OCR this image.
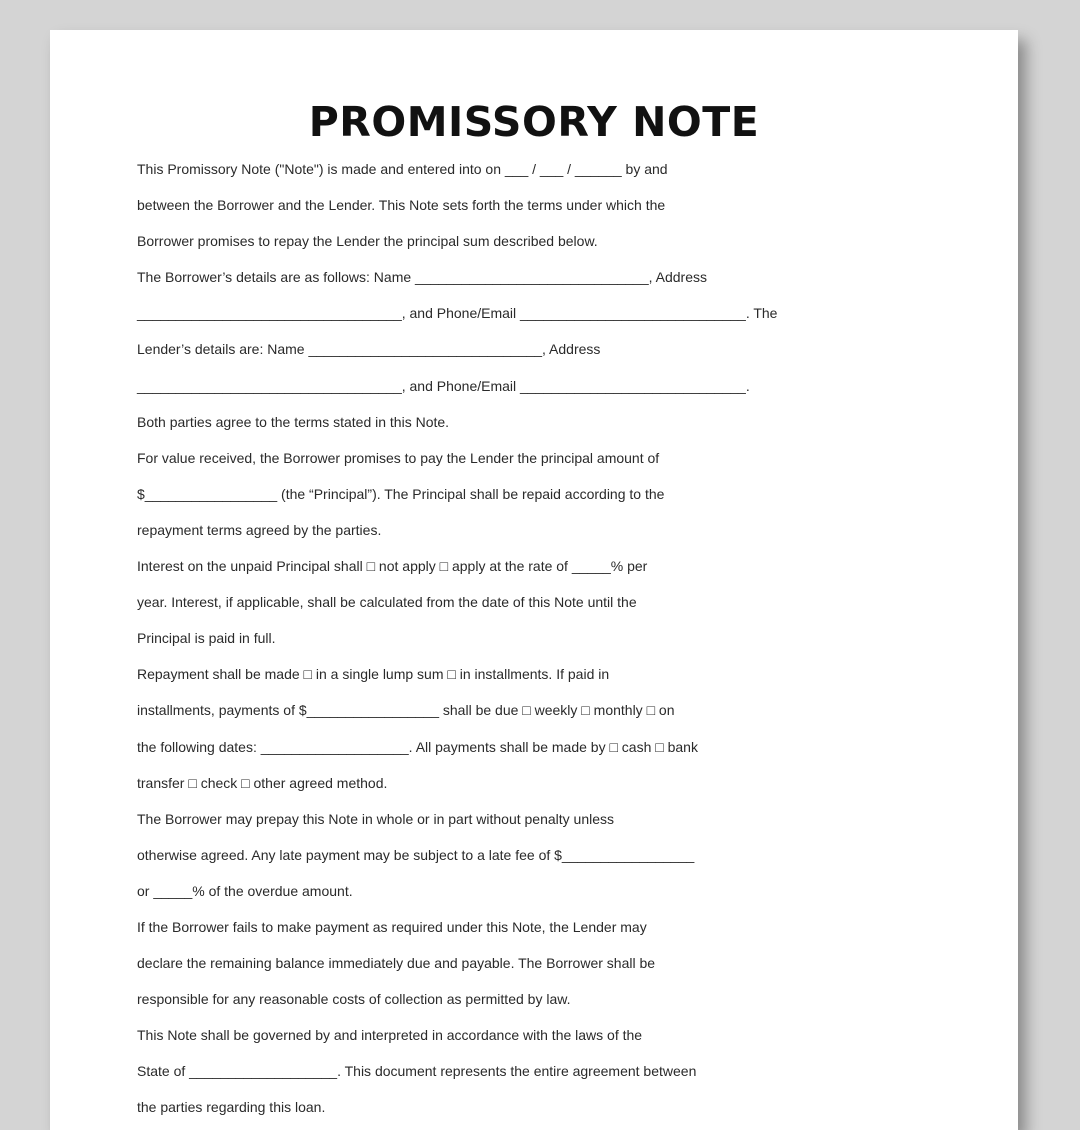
PROMISSORY NOTE
This Promissory Note ("Note") is made and entered into on ___ / ___ / ______ by and
between the Borrower and the Lender. This Note sets forth the terms under which the
Borrower promises to repay the Lender the principal sum described below.
The Borrower’s details are as follows: Name ______________________________, Address
__________________________________, and Phone/Email _____________________________. The
Lender’s details are: Name ______________________________, Address
__________________________________, and Phone/Email _____________________________.
Both parties agree to the terms stated in this Note.
For value received, the Borrower promises to pay the Lender the principal amount of
$_________________ (the “Principal”). The Principal shall be repaid according to the
repayment terms agreed by the parties.
Interest on the unpaid Principal shall □ not apply □ apply at the rate of _____% per
year. Interest, if applicable, shall be calculated from the date of this Note until the
Principal is paid in full.
Repayment shall be made □ in a single lump sum □ in installments. If paid in
installments, payments of $_________________ shall be due □ weekly □ monthly □ on
the following dates: ___________________. All payments shall be made by □ cash □ bank
transfer □ check □ other agreed method.
The Borrower may prepay this Note in whole or in part without penalty unless
otherwise agreed. Any late payment may be subject to a late fee of $_________________
or _____% of the overdue amount.
If the Borrower fails to make payment as required under this Note, the Lender may
declare the remaining balance immediately due and payable. The Borrower shall be
responsible for any reasonable costs of collection as permitted by law.
This Note shall be governed by and interpreted in accordance with the laws of the
State of ___________________. This document represents the entire agreement between
the parties regarding this loan.
